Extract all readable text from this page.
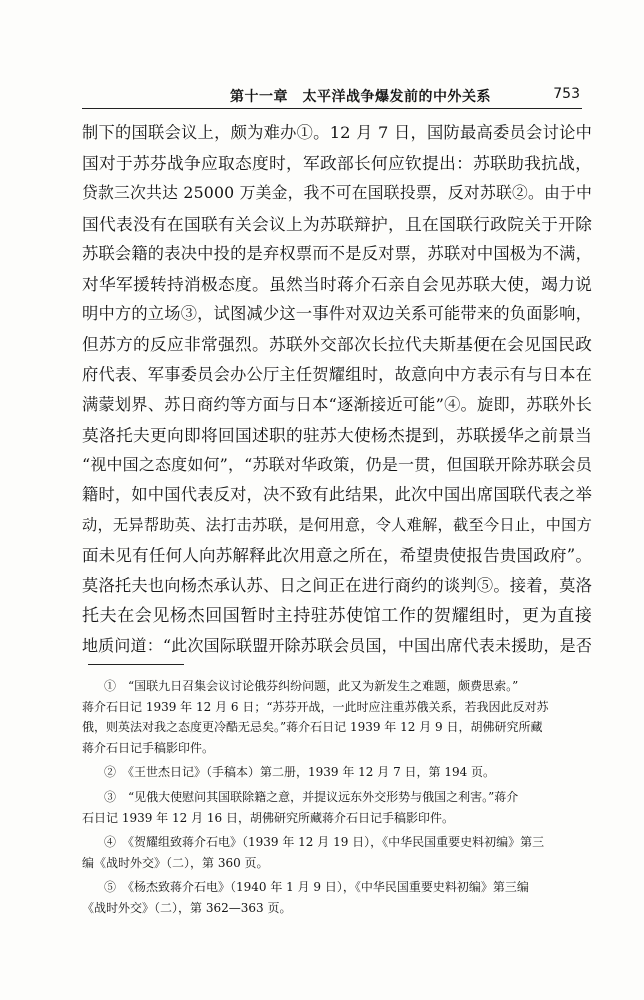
第十一章　太平洋战争爆发前的中外关系	753
制下的国联会议上，颇为难办①。12 月 7 日，国防最高委员会讨论中
国对于苏芬战争应取态度时，军政部长何应钦提出：苏联助我抗战，
贷款三次共达 25000 万美金，我不可在国联投票，反对苏联②。由于中
国代表没有在国联有关会议上为苏联辩护，且在国联行政院关于开除
苏联会籍的表决中投的是弃权票而不是反对票，苏联对中国极为不满，
对华军援转持消极态度。虽然当时蒋介石亲自会见苏联大使，竭力说
明中方的立场③，试图减少这一事件对双边关系可能带来的负面影响，
但苏方的反应非常强烈。苏联外交部次长拉代夫斯基便在会见国民政
府代表、军事委员会办公厅主任贺耀组时，故意向中方表示有与日本在
满蒙划界、苏日商约等方面与日本“逐渐接近可能”④。旋即，苏联外长
莫洛托夫更向即将回国述职的驻苏大使杨杰提到，苏联援华之前景当
“视中国之态度如何”，“苏联对华政策，仍是一贯，但国联开除苏联会员
籍时，如中国代表反对，决不致有此结果，此次中国出席国联代表之举
动，无异帮助英、法打击苏联，是何用意，令人难解，截至今日止，中国方
面未见有任何人向苏解释此次用意之所在，希望贵使报告贵国政府”。
莫洛托夫也向杨杰承认苏、日之间正在进行商约的谈判⑤。接着，莫洛
托夫在会见杨杰回国暂时主持驻苏使馆工作的贺耀组时，更为直接
地质问道：“此次国际联盟开除苏联会员国，中国出席代表未援助，是否
①　“国联九日召集会议讨论俄芬纠纷问题，此又为新发生之难题，颇费思索。”
蒋介石日记 1939 年 12 月 6 日；“苏芬开战，一此时应注重苏俄关系，若我因此反对苏
俄，则英法对我之态度更冷酷无忌矣。”蒋介石日记 1939 年 12 月 9 日，胡佛研究所藏
蒋介石日记手稿影印件。
②　《王世杰日记》（手稿本）第二册，1939 年 12 月 7 日，第 194 页。
③　“见俄大使慰问其国联除籍之意，并提议远东外交形势与俄国之利害。”蒋介
石日记 1939 年 12 月 16 日，胡佛研究所藏蒋介石日记手稿影印件。
④　《贺耀组致蒋介石电》（1939 年 12 月 19 日），《中华民国重要史料初编》第三
编《战时外交》（二），第 360 页。
⑤　《杨杰致蒋介石电》（1940 年 1 月 9 日），《中华民国重要史料初编》第三编
《战时外交》（二），第 362—363 页。
